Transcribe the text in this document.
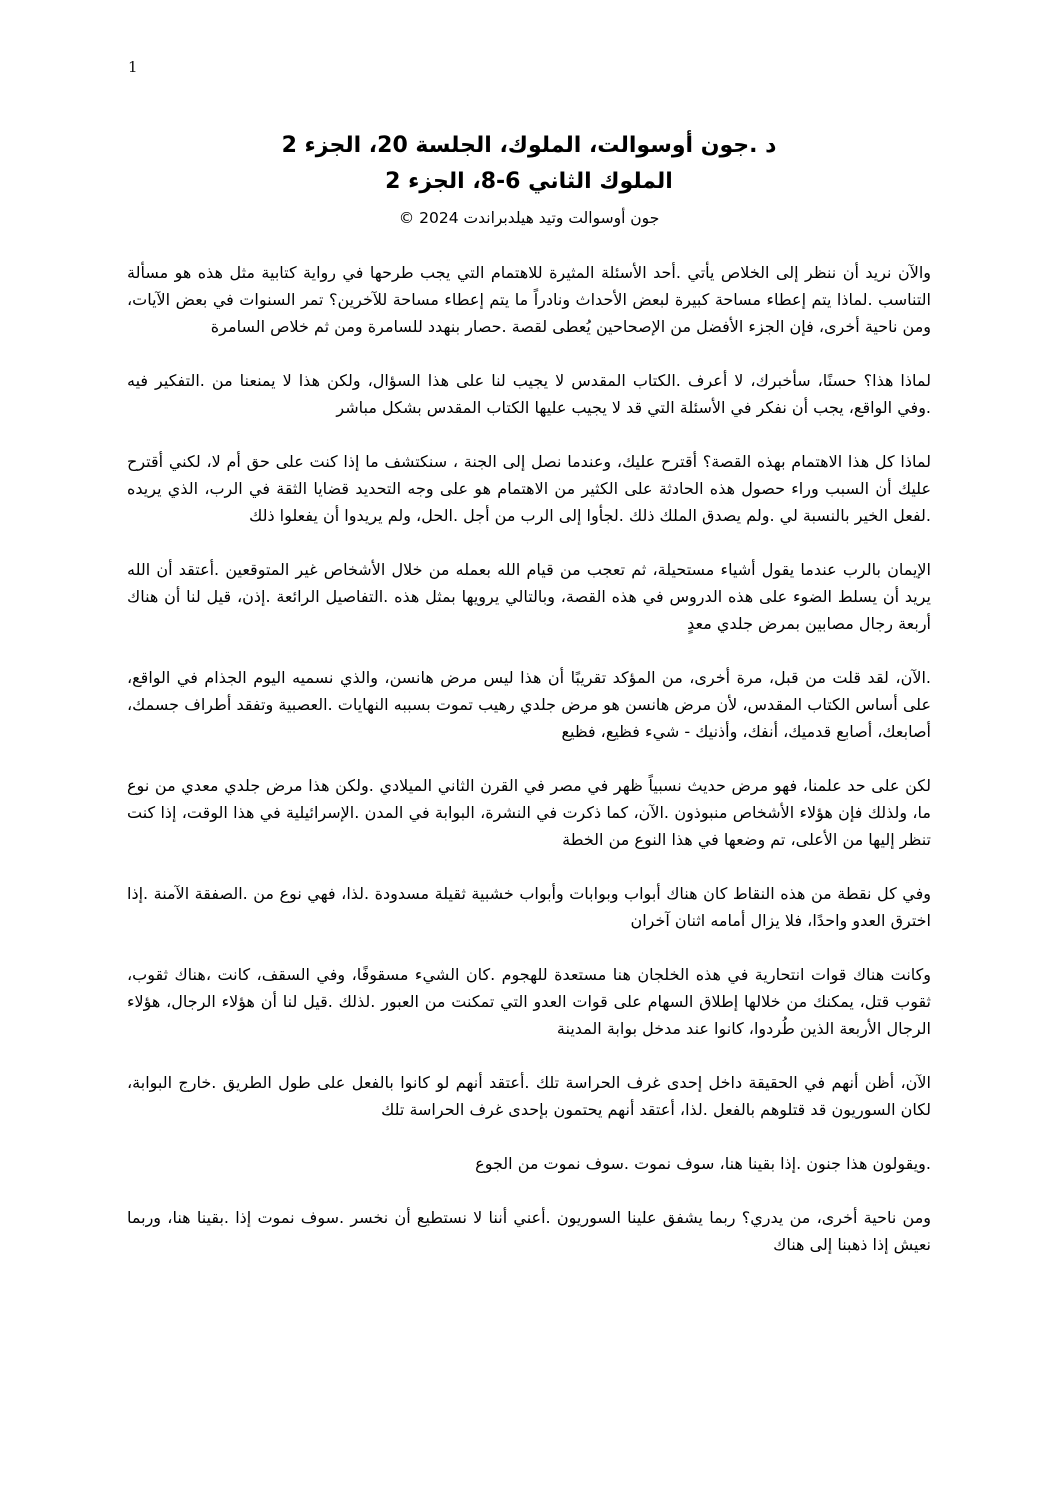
1
د .جون أوسوالت، الملوك، الجلسة 20، الجزء 2
الملوك الثاني 6-8، الجزء 2
جون أوسوالت وتيد هيلدبراندت 2024 ©

والآن نريد أن ننظر إلى الخلاص يأتي .أحد الأسئلة المثيرة للاهتمام التي يجب طرحها في رواية كتابية مثل هذه هو مسألة التناسب .لماذا يتم إعطاء مساحة كبيرة لبعض الأحداث ونادراً ما يتم إعطاء مساحة للآخرين؟ تمر السنوات في بعض الآيات، ومن ناحية أخرى، فإن الجزء الأفضل من الإصحاحين يُعطى لقصة .حصار بنهدد للسامرة ومن ثم خلاص السامرة

لماذا هذا؟ حسنًا، سأخبرك، لا أعرف .الكتاب المقدس لا يجيب لنا على هذا السؤال، ولكن هذا لا يمنعنا من .التفكير فيه .وفي الواقع، يجب أن نفكر في الأسئلة التي قد لا يجيب عليها الكتاب المقدس بشكل مباشر

لماذا كل هذا الاهتمام بهذه القصة؟ أقترح عليك، وعندما نصل إلى الجنة ، سنكتشف ما إذا كنت على حق أم لا، لكني أقترح عليك أن السبب وراء حصول هذه الحادثة على الكثير من الاهتمام هو على وجه التحديد قضايا الثقة في الرب، الذي يريده .لفعل الخير بالنسبة لي .ولم يصدق الملك ذلك .لجأوا إلى الرب من أجل .الحل، ولم يريدوا أن يفعلوا ذلك

الإيمان بالرب عندما يقول أشياء مستحيلة، ثم تعجب من قيام الله بعمله من خلال الأشخاص غير المتوقعين .أعتقد أن الله يريد أن يسلط الضوء على هذه الدروس في هذه القصة، وبالتالي يرويها بمثل هذه .التفاصيل الرائعة .إذن، قيل لنا أن هناك أربعة رجال مصابين بمرض جلدي معدٍ

.الآن، لقد قلت من قبل، مرة أخرى، من المؤكد تقريبًا أن هذا ليس مرض هانسن، والذي نسميه اليوم الجذام في الواقع، على أساس الكتاب المقدس، لأن مرض هانسن هو مرض جلدي رهيب تموت بسببه النهايات .العصبية وتفقد أطراف جسمك، أصابعك، أصابع قدميك، أنفك، وأذنيك - شيء فظيع، فظيع

لكن على حد علمنا، فهو مرض حديث نسبياً ظهر في مصر في القرن الثاني الميلادي .ولكن هذا مرض جلدي معدي من نوع ما، ولذلك فإن هؤلاء الأشخاص منبوذون .الآن، كما ذكرت في النشرة، البوابة في المدن .الإسرائيلية في هذا الوقت، إذا كنت تنظر إليها من الأعلى، تم وضعها في هذا النوع من الخطة

وفي كل نقطة من هذه النقاط كان هناك أبواب وبوابات وأبواب خشبية ثقيلة مسدودة .لذا، فهي نوع من .الصفقة الآمنة .إذا اخترق العدو واحدًا، فلا يزال أمامه اثنان آخران

وكانت هناك قوات انتحارية في هذه الخلجان هنا مستعدة للهجوم .كان الشيء مسقوفًا، وفي السقف، كانت ،هناك ثقوب، ثقوب قتل، يمكنك من خلالها إطلاق السهام على قوات العدو التي تمكنت من العبور .لذلك .قيل لنا أن هؤلاء الرجال، هؤلاء الرجال الأربعة الذين طُردوا، كانوا عند مدخل بوابة المدينة

الآن، أظن أنهم في الحقيقة داخل إحدى غرف الحراسة تلك .أعتقد أنهم لو كانوا بالفعل على طول الطريق .خارج البوابة، لكان السوريون قد قتلوهم بالفعل .لذا، أعتقد أنهم يحتمون بإحدى غرف الحراسة تلك

.ويقولون هذا جنون .إذا بقينا هنا، سوف نموت .سوف نموت من الجوع

ومن ناحية أخرى، من يدري؟ ربما يشفق علينا السوريون .أعني أننا لا نستطيع أن نخسر .سوف نموت إذا .بقينا هنا، وربما نعيش إذا ذهبنا إلى هناك
